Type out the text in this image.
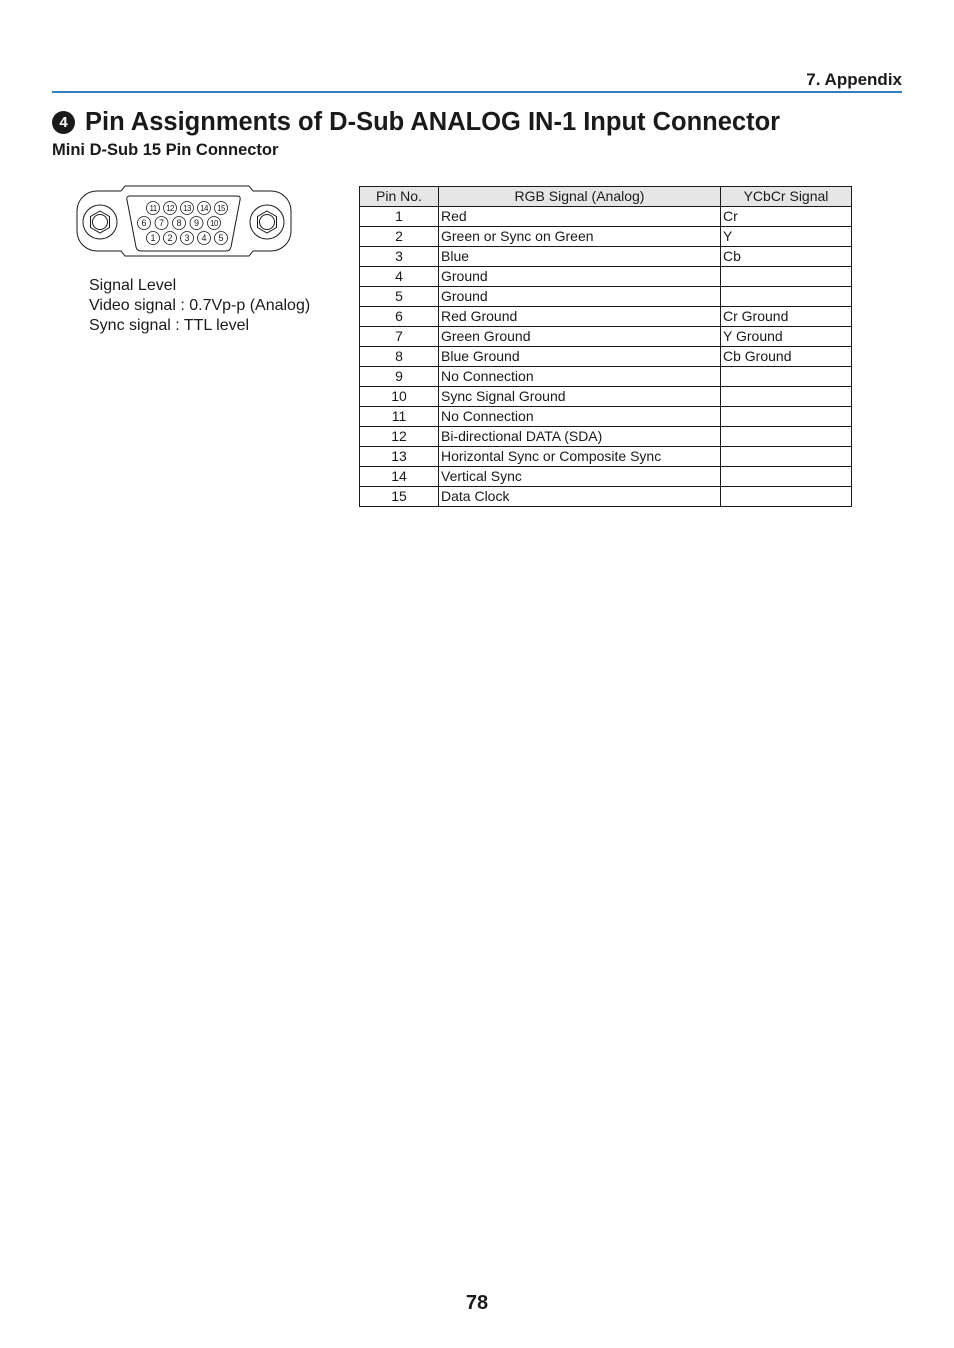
7. Appendix
4 Pin Assignments of D-Sub ANALOG IN-1 Input Connector
Mini D-Sub 15 Pin Connector
11 12 13 14 15
6 7 8 9 10
1 2 3 4 5
Signal Level
Video signal : 0.7Vp-p (Analog)
Sync signal : TTL level
Pin No.	RGB Signal (Analog)	YCbCr Signal
1	Red	Cr
2	Green or Sync on Green	Y
3	Blue	Cb
4	Ground	
5	Ground	
6	Red Ground	Cr Ground
7	Green Ground	Y Ground
8	Blue Ground	Cb Ground
9	No Connection	
10	Sync Signal Ground	
11	No Connection	
12	Bi-directional DATA (SDA)	
13	Horizontal Sync or Composite Sync	
14	Vertical Sync	
15	Data Clock	
78
